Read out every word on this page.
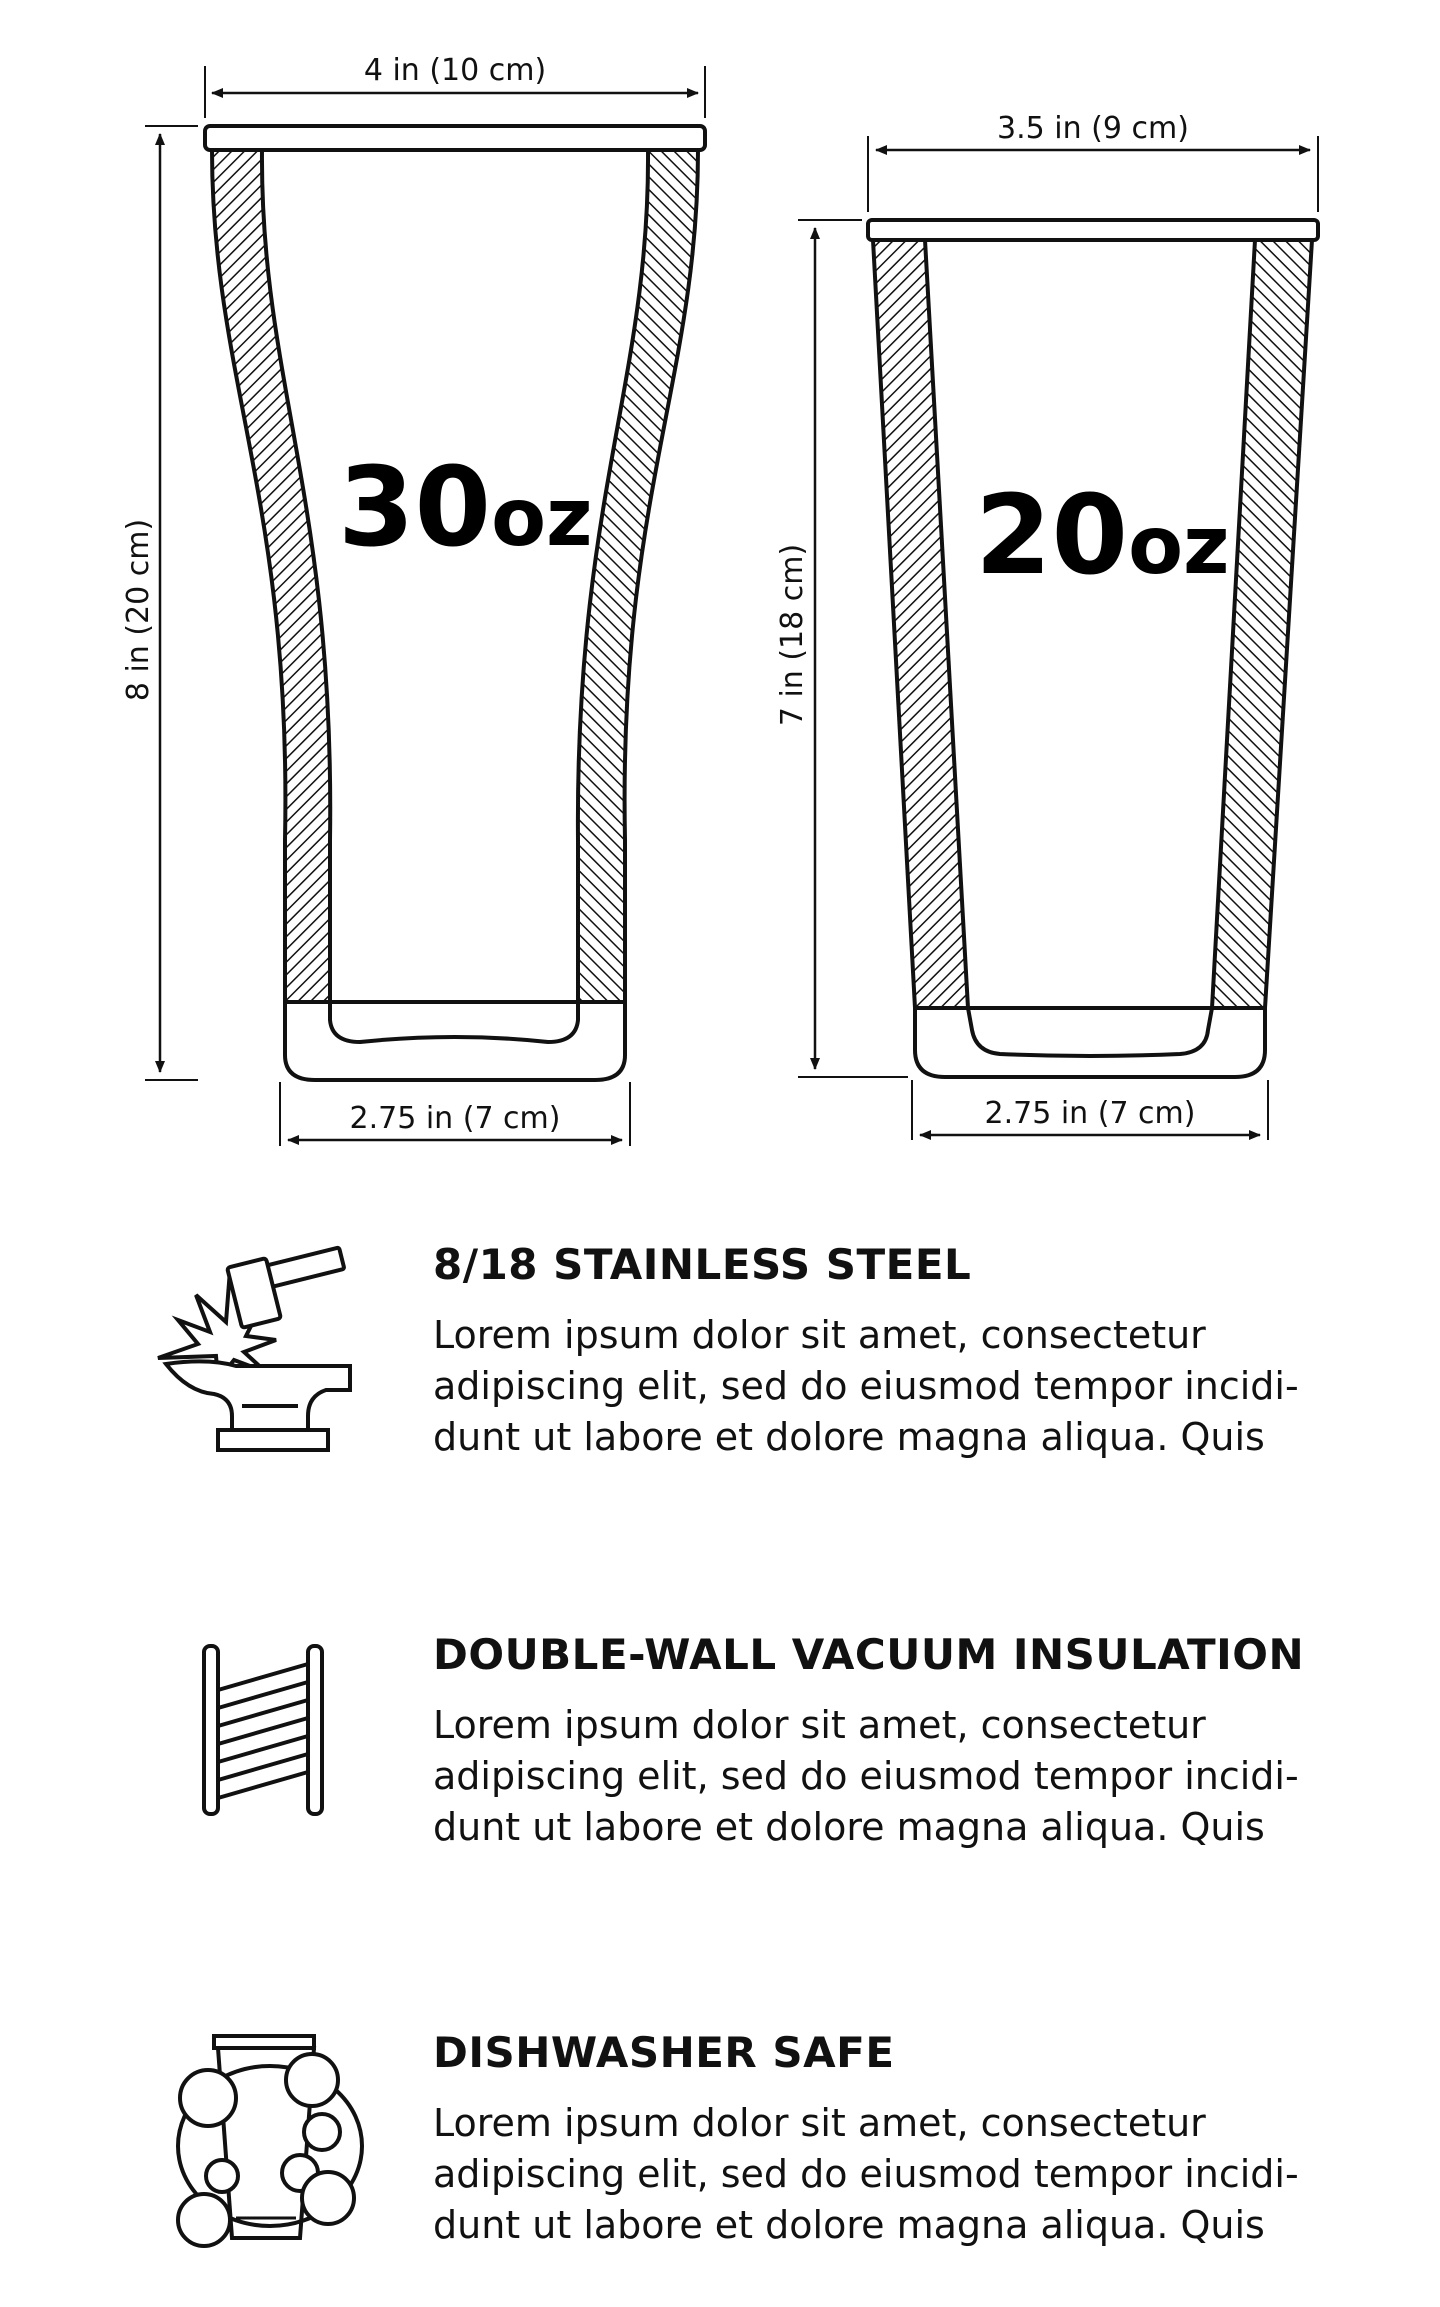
30oz
4 in (10 cm)
8 in (20 cm)
2.75 in (7 cm)
20oz
3.5 in (9 cm)
7 in (18 cm)
2.75 in (7 cm)
8/18 STAINLESS STEEL

Lorem ipsum dolor sit amet, consectetur
adipiscing elit, sed do eiusmod tempor incidi-
dunt ut labore et dolore magna aliqua. Quis

DOUBLE-WALL VACUUM INSULATION

Lorem ipsum dolor sit amet, consectetur
adipiscing elit, sed do eiusmod tempor incidi-
dunt ut labore et dolore magna aliqua. Quis

DISHWASHER SAFE

Lorem ipsum dolor sit amet, consectetur
adipiscing elit, sed do eiusmod tempor incidi-
dunt ut labore et dolore magna aliqua. Quis
